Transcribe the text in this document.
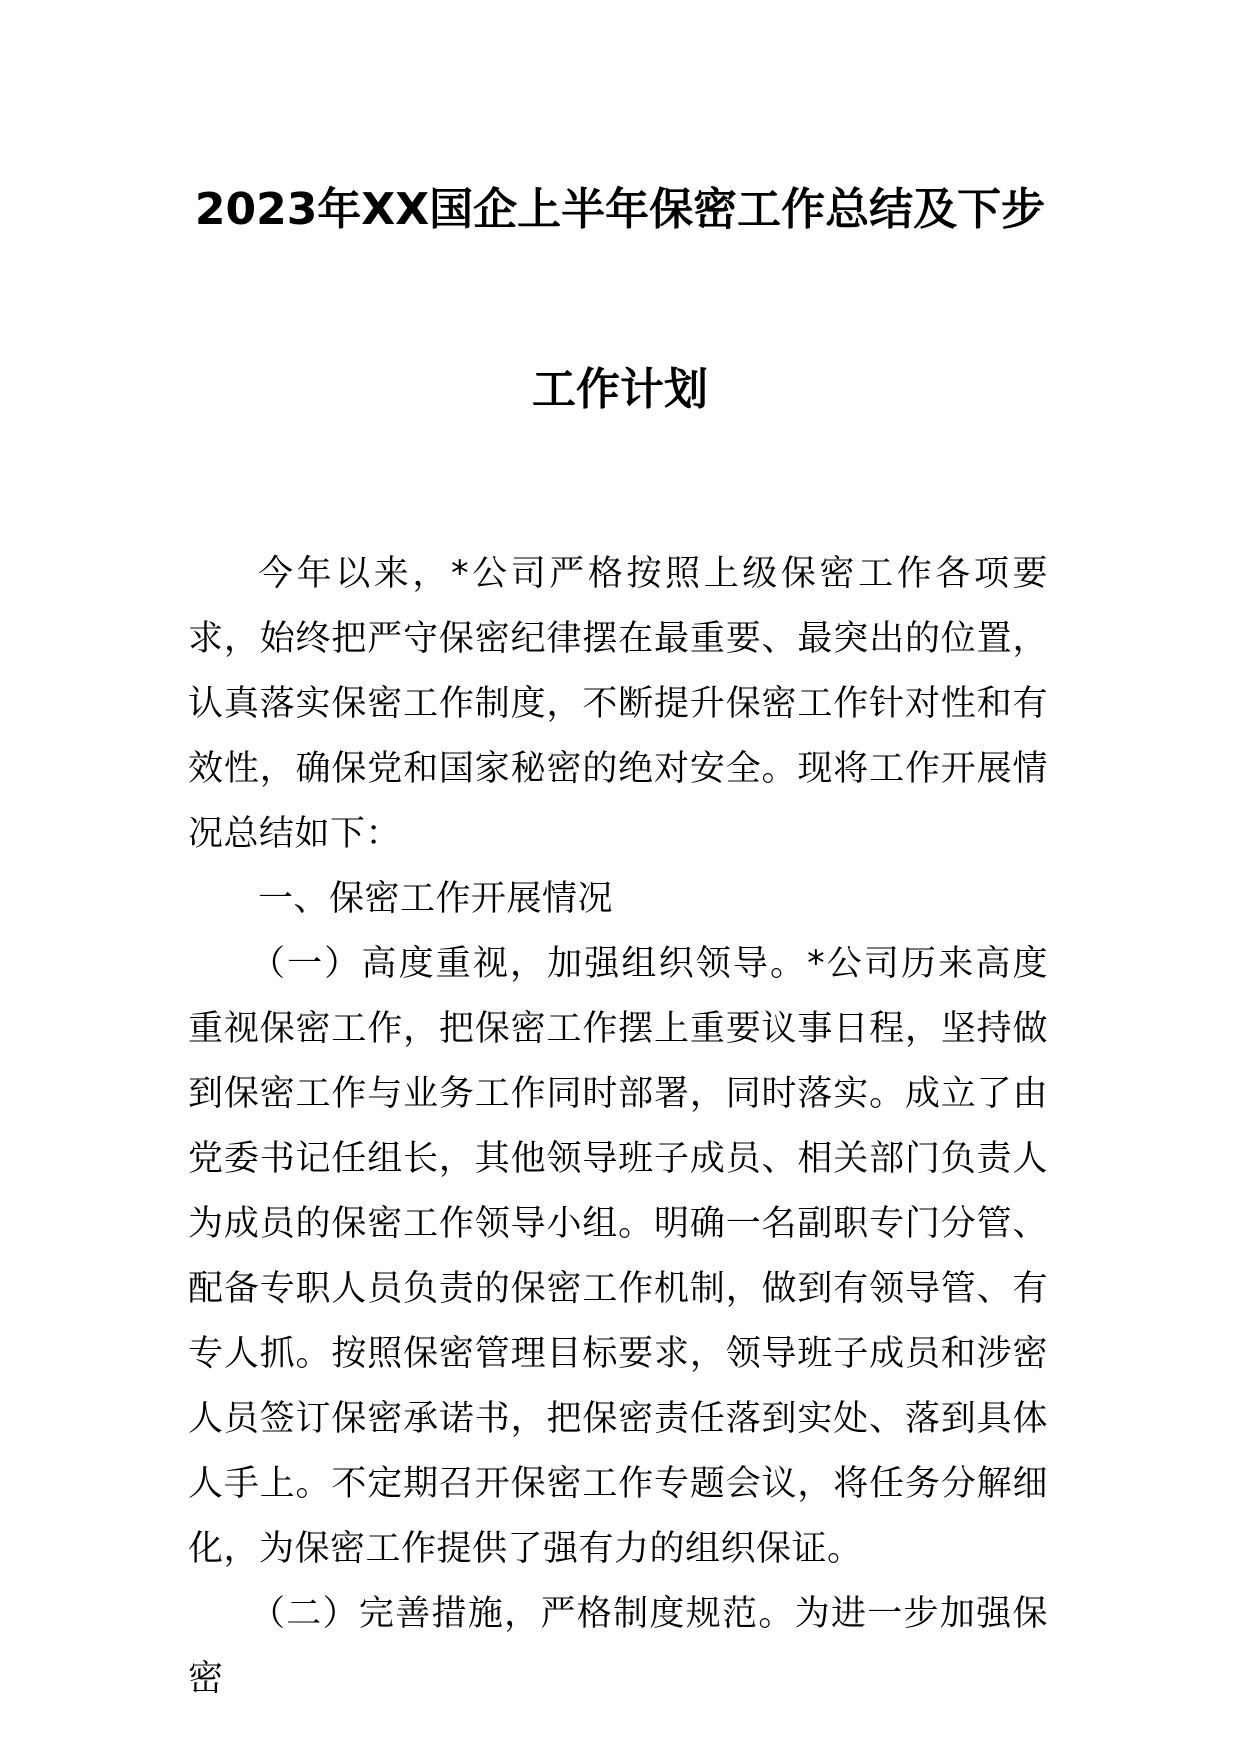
2023年XX国企上半年保密工作总结及下步
工作计划

今年以来，*公司严格按照上级保密工作各项要求，始终把严守保密纪律摆在最重要、最突出的位置，认真落实保密工作制度，不断提升保密工作针对性和有效性，确保党和国家秘密的绝对安全。现将工作开展情况总结如下：

一、保密工作开展情况

（一）高度重视，加强组织领导。*公司历来高度重视保密工作，把保密工作摆上重要议事日程，坚持做到保密工作与业务工作同时部署，同时落实。成立了由党委书记任组长，其他领导班子成员、相关部门负责人为成员的保密工作领导小组。明确一名副职专门分管、配备专职人员负责的保密工作机制，做到有领导管、有专人抓。按照保密管理目标要求，领导班子成员和涉密人员签订保密承诺书，把保密责任落到实处、落到具体人手上。不定期召开保密工作专题会议，将任务分解细化，为保密工作提供了强有力的组织保证。

（二）完善措施，严格制度规范。为进一步加强保密
